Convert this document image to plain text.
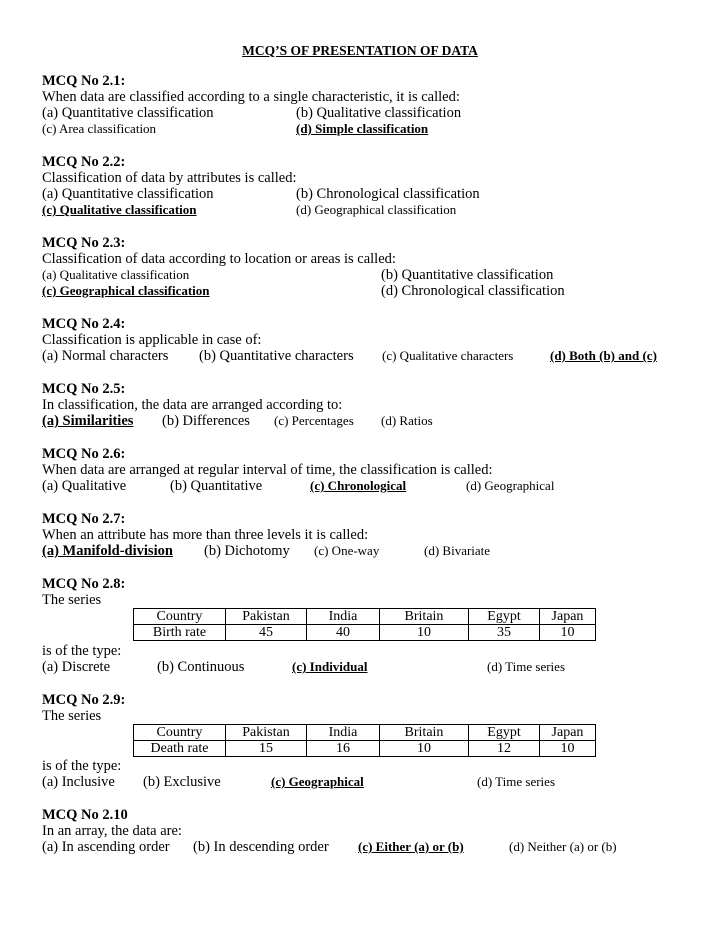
MCQ’S OF PRESENTATION OF DATA
MCQ No 2.1:
When data are classified according to a single characteristic, it is called:
(a) Quantitative classification	(b) Qualitative classification
(c) Area classification	(d) Simple classification
MCQ No 2.2:
Classification of data by attributes is called:
(a) Quantitative classification	(b) Chronological classification
(c) Qualitative classification	(d) Geographical classification
MCQ No 2.3:
Classification of data according to location or areas is called:
(a) Qualitative classification	(b) Quantitative classification
(c) Geographical classification	(d) Chronological classification
MCQ No 2.4:
Classification is applicable in case of:
(a) Normal characters (b) Quantitative characters (c) Qualitative characters	(d) Both (b) and (c)
MCQ No 2.5:
In classification, the data are arranged according to:
(a) Similarities (b) Differences (c) Percentages (d) Ratios
MCQ No 2.6:
When data are arranged at regular interval of time, the classification is called:
(a) Qualitative	(b) Quantitative	(c) Chronological	(d) Geographical
MCQ No 2.7:
When an attribute has more than three levels it is called:
(a) Manifold-division (b) Dichotomy (c) One-way	(d) Bivariate
MCQ No 2.8:
The series
Country	Pakistan	India	Britain	Egypt	Japan
Birth rate	45	40	10	35	10
is of the type:
(a) Discrete	(b) Continuous	(c) Individual	(d) Time series
MCQ No 2.9:
The series
Country	Pakistan	India	Britain	Egypt	Japan
Death rate	15	16	10	12	10
is of the type:
(a) Inclusive (b) Exclusive	(c) Geographical	(d) Time series
MCQ No 2.10
In an array, the data are:
(a) In ascending order (b) In descending order (c) Either (a) or (b)	(d) Neither (a) or (b)
